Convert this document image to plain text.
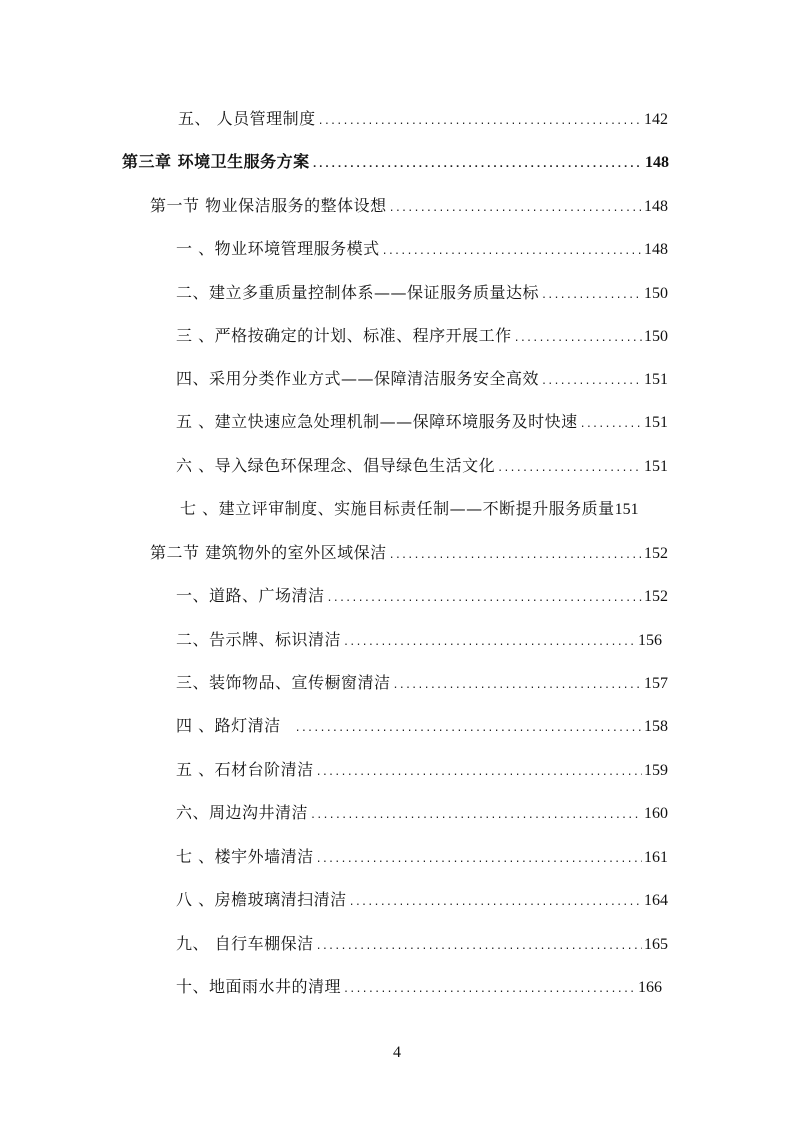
五、 人员管理制度 .....	142
第三章 环境卫生服务方案 .....	148
第一节 物业保洁服务的整体设想 .....	148
一 、物业环境管理服务模式 .....	148
二、建立多重质量控制体系——保证服务质量达标 .....	150
三 、严格按确定的计划、标准、程序开展工作 .....	150
四、采用分类作业方式——保障清洁服务安全高效 .....	151
五 、建立快速应急处理机制——保障环境服务及时快速 .....	151
六 、导入绿色环保理念、倡导绿色生活文化 .....	151
七 、建立评审制度、实施目标责任制——不断提升服务质量 151
第二节 建筑物外的室外区域保洁 .....	152
一、道路、广场清洁 .....	152
二、告示牌、标识清洁 .....	156
三、装饰物品、宣传橱窗清洁 .....	157
四 、路灯清洁 .....	158
五 、石材台阶清洁 .....	159
六、周边沟井清洁 .....	160
七 、楼宇外墙清洁 .....	161
八 、房檐玻璃清扫清洁 .....	164
九、 自行车棚保洁 .....	165
十、地面雨水井的清理 .....	166
4
